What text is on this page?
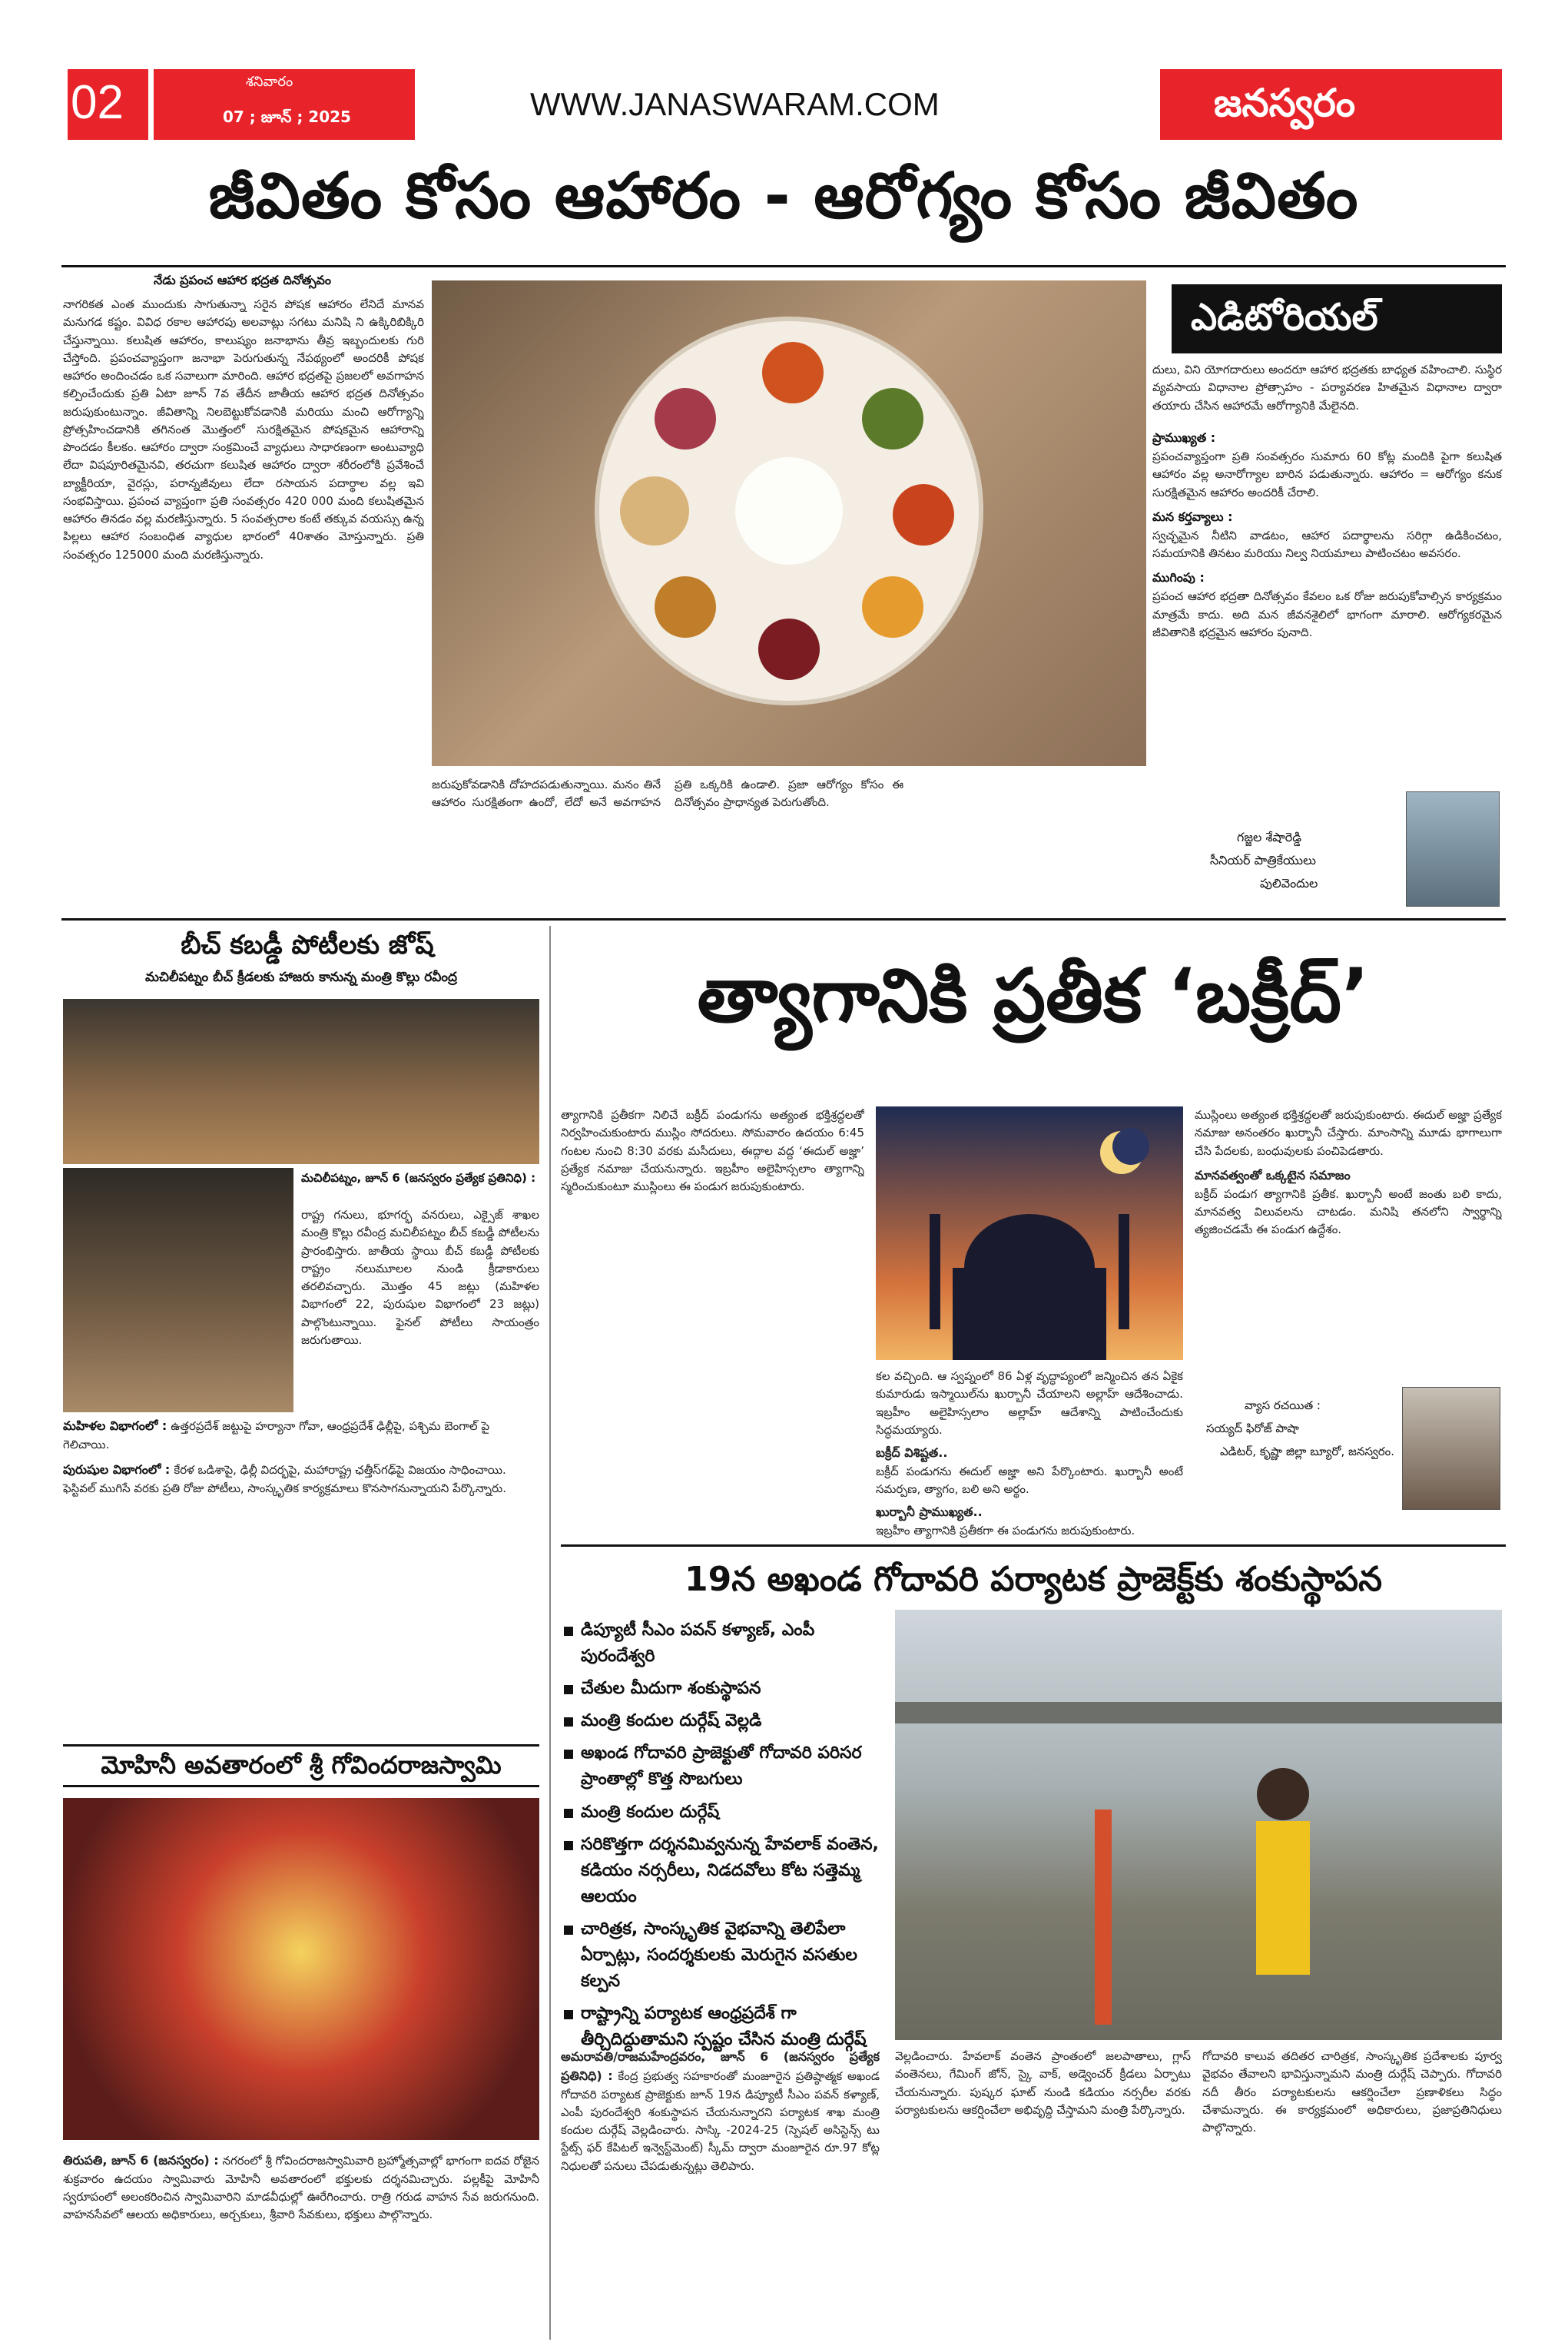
02	శనివారం
07 ; జూన్ ; 2025	WWW.JANASWARAM.COM	జనస్వరం
జీవితం కోసం ఆహారం - ఆరోగ్యం కోసం జీవితం
నేడు ప్రపంచ ఆహార భద్రత దినోత్సవం
నాగరికత ఎంత ముందుకు సాగుతున్నా సరైన పోషక ఆహారం లేనిదే మానవ మనుగడ కష్టం. వివిధ రకాల ఆహారపు అలవాట్లు సగటు మనిషి ని ఉక్కిరిబిక్కిరి చేస్తున్నాయి. కలుషిత ఆహారం, కాలుష్యం జనాభాను తీవ్ర ఇబ్బందులకు గురి చేస్తోంది. ప్రపంచవ్యాప్తంగా జనాభా పెరుగుతున్న నేపథ్యంలో అందరికీ పోషక ఆహారం అందించడం ఒక సవాలుగా మారింది. ఆహార భద్రతపై ప్రజలలో అవగాహన కల్పించేందుకు ప్రతి ఏటా జూన్ 7వ తేదీన జాతీయ ఆహార భద్రత దినోత్సవం జరుపుకుంటున్నాం. జీవితాన్ని నిలబెట్టుకోవడానికి మరియు మంచి ఆరోగ్యాన్ని ప్రోత్సహించడానికి తగినంత మొత్తంలో సురక్షితమైన పోషకమైన ఆహారాన్ని పొందడం కీలకం. ఆహారం ద్వారా సంక్రమించే వ్యాధులు సాధారణంగా అంటువ్యాధి లేదా విషపూరితమైనవి, తరచుగా కలుషిత ఆహారం ద్వారా శరీరంలోకి ప్రవేశించే బ్యాక్టీరియా, వైరస్లు, పరాన్నజీవులు లేదా రసాయన పదార్థాల వల్ల ఇవి సంభవిస్తాయి. ప్రపంచ వ్యాప్తంగా ప్రతి సంవత్సరం 420 000 మంది కలుషితమైన ఆహారం తినడం వల్ల మరణిస్తున్నారు. 5 సంవత్సరాల కంటే తక్కువ వయస్సు ఉన్న పిల్లలు ఆహార సంబంధిత వ్యాధుల భారంలో 40శాతం మోస్తున్నారు. ప్రతి సంవత్సరం 125000 మంది మరణిస్తున్నారు.
ఎడిటోరియల్
దులు, విని యోగదారులు అందరూ ఆహార భద్రతకు బాధ్యత వహించాలి. సుస్థిర వ్యవసాయ విధానాల ప్రోత్సాహం - పర్యావరణ హితమైన విధానాల ద్వారా తయారు చేసిన ఆహారమే ఆరోగ్యానికి మేలైనది.
ప్రాముఖ్యత :
ప్రపంచవ్యాప్తంగా ప్రతి సంవత్సరం సుమారు 60 కోట్ల మందికి పైగా కలుషిత ఆహారం వల్ల అనారోగ్యాల బారిన పడుతున్నారు. ఆహారం = ఆరోగ్యం కనుక సురక్షితమైన ఆహారం అందరికీ చేరాలి.
మన కర్తవ్యాలు :
స్వచ్ఛమైన నీటిని వాడటం, ఆహార పదార్థాలను సరిగ్గా ఉడికించటం, సమయానికి తినటం మరియు నిల్వ నియమాలు పాటించటం అవసరం.
ముగింపు :
ప్రపంచ ఆహార భద్రతా దినోత్సవం కేవలం ఒక రోజు జరుపుకోవాల్సిన కార్యక్రమం మాత్రమే కాదు. అది మన జీవనశైలిలో భాగంగా మారాలి. ఆరోగ్యకరమైన జీవితానికి భద్రమైన ఆహారం పునాది.
జరుపుకోవడానికి దోహదపడుతున్నాయి. మనం తినే ఆహారం సురక్షితంగా ఉందో, లేదో అనే అవగాహన ప్రతి ఒక్కరికి ఉండాలి. ప్రజా ఆరోగ్యం కోసం ఈ దినోత్సవం ప్రాధాన్యత పెరుగుతోంది.
గజ్జల శేషారెడ్డి
సీనియర్ పాత్రికేయులు
పులివెందుల
బీచ్ కబడ్డీ పోటీలకు జోష్
మచిలీపట్నం బీచ్ క్రీడలకు హాజరు కానున్న మంత్రి కొల్లు రవీంద్ర
మచిలీపట్నం, జూన్ 6 (జనస్వరం ప్రత్యేక ప్రతినిధి) :
రాష్ట్ర గనులు, భూగర్భ వనరులు, ఎక్సైజ్ శాఖల మంత్రి కొల్లు రవీంద్ర మచిలీపట్నం బీచ్ కబడ్డీ పోటీలను ప్రారంభిస్తారు. జాతీయ స్థాయి బీచ్ కబడ్డీ పోటీలకు రాష్ట్రం నలుమూలల నుండి క్రీడాకారులు తరలివచ్చారు. మొత్తం 45 జట్లు (మహిళల విభాగంలో 22, పురుషుల విభాగంలో 23 జట్లు) పాల్గొంటున్నాయి. ఫైనల్ పోటీలు సాయంత్రం జరుగుతాయి.
మహిళల విభాగంలో : ఉత్తరప్రదేశ్ జట్టుపై హర్యానా గోవా, ఆంధ్రప్రదేశ్ ఢిల్లీపై, పశ్చిమ బెంగాల్ పై గెలిచాయి.
పురుషుల విభాగంలో : కేరళ ఒడిశాపై, ఢిల్లీ విదర్భపై, మహారాష్ట్ర ఛత్తీస్‌గఢ్‌పై విజయం సాధించాయి. ఫెస్టివల్ ముగిసే వరకు ప్రతి రోజు పోటీలు, సాంస్కృతిక కార్యక్రమాలు కొనసాగనున్నాయని పేర్కొన్నారు.
మోహినీ అవతారంలో శ్రీ గోవిందరాజస్వామి
తిరుపతి, జూన్ 6 (జనస్వరం) : నగరంలో శ్రీ గోవిందరాజస్వామివారి బ్రహ్మోత్సవాల్లో భాగంగా ఐదవ రోజైన శుక్రవారం ఉదయం స్వామివారు మోహినీ అవతారంలో భక్తులకు దర్శనమిచ్చారు. పల్లకీపై మోహినీ స్వరూపంలో అలంకరించిన స్వామివారిని మాడవీధుల్లో ఊరేగించారు. రాత్రి గరుడ వాహన సేవ జరుగనుంది. వాహనసేవలో ఆలయ అధికారులు, అర్చకులు, శ్రీవారి సేవకులు, భక్తులు పాల్గొన్నారు.
త్యాగానికి ప్రతీక ‘బక్రీద్’
త్యాగానికి ప్రతీకగా నిలిచే బక్రీద్ పండుగను అత్యంత భక్తిశ్రద్ధలతో నిర్వహించుకుంటారు ముస్లిం సోదరులు. సోమవారం ఉదయం 6:45 గంటల నుంచి 8:30 వరకు మసీదులు, ఈద్గాల వద్ద ‘ఈదుల్ అజ్హా’ ప్రత్యేక నమాజు చేయనున్నారు. ఇబ్రహీం అలైహిస్సలాం త్యాగాన్ని స్మరించుకుంటూ ముస్లింలు ఈ పండుగ జరుపుకుంటారు.
కల వచ్చింది. ఆ స్వప్నంలో 86 ఏళ్ల వృద్ధాప్యంలో జన్మించిన తన ఏకైక కుమారుడు ఇస్మాయిల్‌ను ఖుర్బానీ చేయాలని అల్లాహ్ ఆదేశించాడు. ఇబ్రహీం అలైహిస్సలాం అల్లాహ్ ఆదేశాన్ని పాటించేందుకు సిద్ధమయ్యారు.
బక్రీద్ విశిష్టత..
బక్రీద్ పండుగను ఈదుల్ అజ్హా అని పేర్కొంటారు. ఖుర్బానీ అంటే సమర్పణ, త్యాగం, బలి అని అర్థం.
ఖుర్బానీ ప్రాముఖ్యత..
ఇబ్రహీం త్యాగానికి ప్రతీకగా ఈ పండుగను జరుపుకుంటారు.
ముస్లింలు అత్యంత భక్తిశ్రద్ధలతో జరుపుకుంటారు. ఈదుల్ అజ్హా ప్రత్యేక నమాజు అనంతరం ఖుర్బానీ చేస్తారు. మాంసాన్ని మూడు భాగాలుగా చేసి పేదలకు, బంధువులకు పంచిపెడతారు.
మానవత్వంతో ఒక్కటైన సమాజం
బక్రీద్ పండుగ త్యాగానికి ప్రతీక. ఖుర్బానీ అంటే జంతు బలి కాదు, మానవత్వ విలువలను చాటడం. మనిషి తనలోని స్వార్థాన్ని త్యజించడమే ఈ పండుగ ఉద్దేశం.
వ్యాస రచయిత :
సయ్యద్ ఫిరోజ్ పాషా
ఎడిటర్, కృష్ణా జిల్లా బ్యూరో, జనస్వరం.
19న అఖండ గోదావరి పర్యాటక ప్రాజెక్ట్‌కు శంకుస్థాపన
డిప్యూటీ సీఎం పవన్ కళ్యాణ్, ఎంపీ పురందేశ్వరి
చేతుల మీదుగా శంకుస్థాపన
మంత్రి కందుల దుర్గేష్ వెల్లడి
అఖండ గోదావరి ప్రాజెక్టుతో గోదావరి పరిసర ప్రాంతాల్లో కొత్త సొబగులు
మంత్రి కందుల దుర్గేష్
సరికొత్తగా దర్శనమివ్వనున్న హేవలాక్ వంతెన, కడియం నర్సరీలు, నిడదవోలు కోట సత్తెమ్మ ఆలయం
చారిత్రక, సాంస్కృతిక వైభవాన్ని తెలిపేలా ఏర్పాట్లు, సందర్శకులకు మెరుగైన వసతుల కల్పన
రాష్ట్రాన్ని పర్యాటక ఆంధ్రప్రదేశ్ గా తీర్చిదిద్దుతామని స్పష్టం చేసిన మంత్రి దుర్గేష్
అమరావతి/రాజమహేంద్రవరం, జూన్ 6 (జనస్వరం ప్రత్యేక ప్రతినిధి) : కేంద్ర ప్రభుత్వ సహకారంతో మంజూరైన ప్రతిష్ఠాత్మక అఖండ గోదావరి పర్యాటక ప్రాజెక్టుకు జూన్ 19న డిప్యూటీ సీఎం పవన్ కళ్యాణ్, ఎంపీ పురందేశ్వరి శంకుస్థాపన చేయనున్నారని పర్యాటక శాఖ మంత్రి కందుల దుర్గేష్ వెల్లడించారు. సాస్కి -2024-25 (స్పెషల్ అసిస్టెన్స్ టు స్టేట్స్ ఫర్ కేపిటల్ ఇన్వెస్ట్‌మెంట్) స్కీమ్ ద్వారా మంజూరైన రూ.97 కోట్ల నిధులతో పనులు చేపడుతున్నట్లు తెలిపారు.
వెల్లడించారు. హేవలాక్ వంతెన ప్రాంతంలో జలపాతాలు, గ్లాస్ వంతెనలు, గేమింగ్ జోన్, స్కై వాక్, అడ్వెంచర్ క్రీడలు ఏర్పాటు చేయనున్నారు. పుష్కర ఘాట్ నుండి కడియం నర్సరీల వరకు పర్యాటకులను ఆకర్షించేలా అభివృద్ధి చేస్తామని మంత్రి పేర్కొన్నారు.
గోదావరి కాలువ తదితర చారిత్రక, సాంస్కృతిక ప్రదేశాలకు పూర్వ వైభవం తేవాలని భావిస్తున్నామని మంత్రి దుర్గేష్ చెప్పారు. గోదావరి నదీ తీరం పర్యాటకులను ఆకర్షించేలా ప్రణాళికలు సిద్ధం చేశామన్నారు. ఈ కార్యక్రమంలో అధికారులు, ప్రజాప్రతినిధులు పాల్గొన్నారు.
